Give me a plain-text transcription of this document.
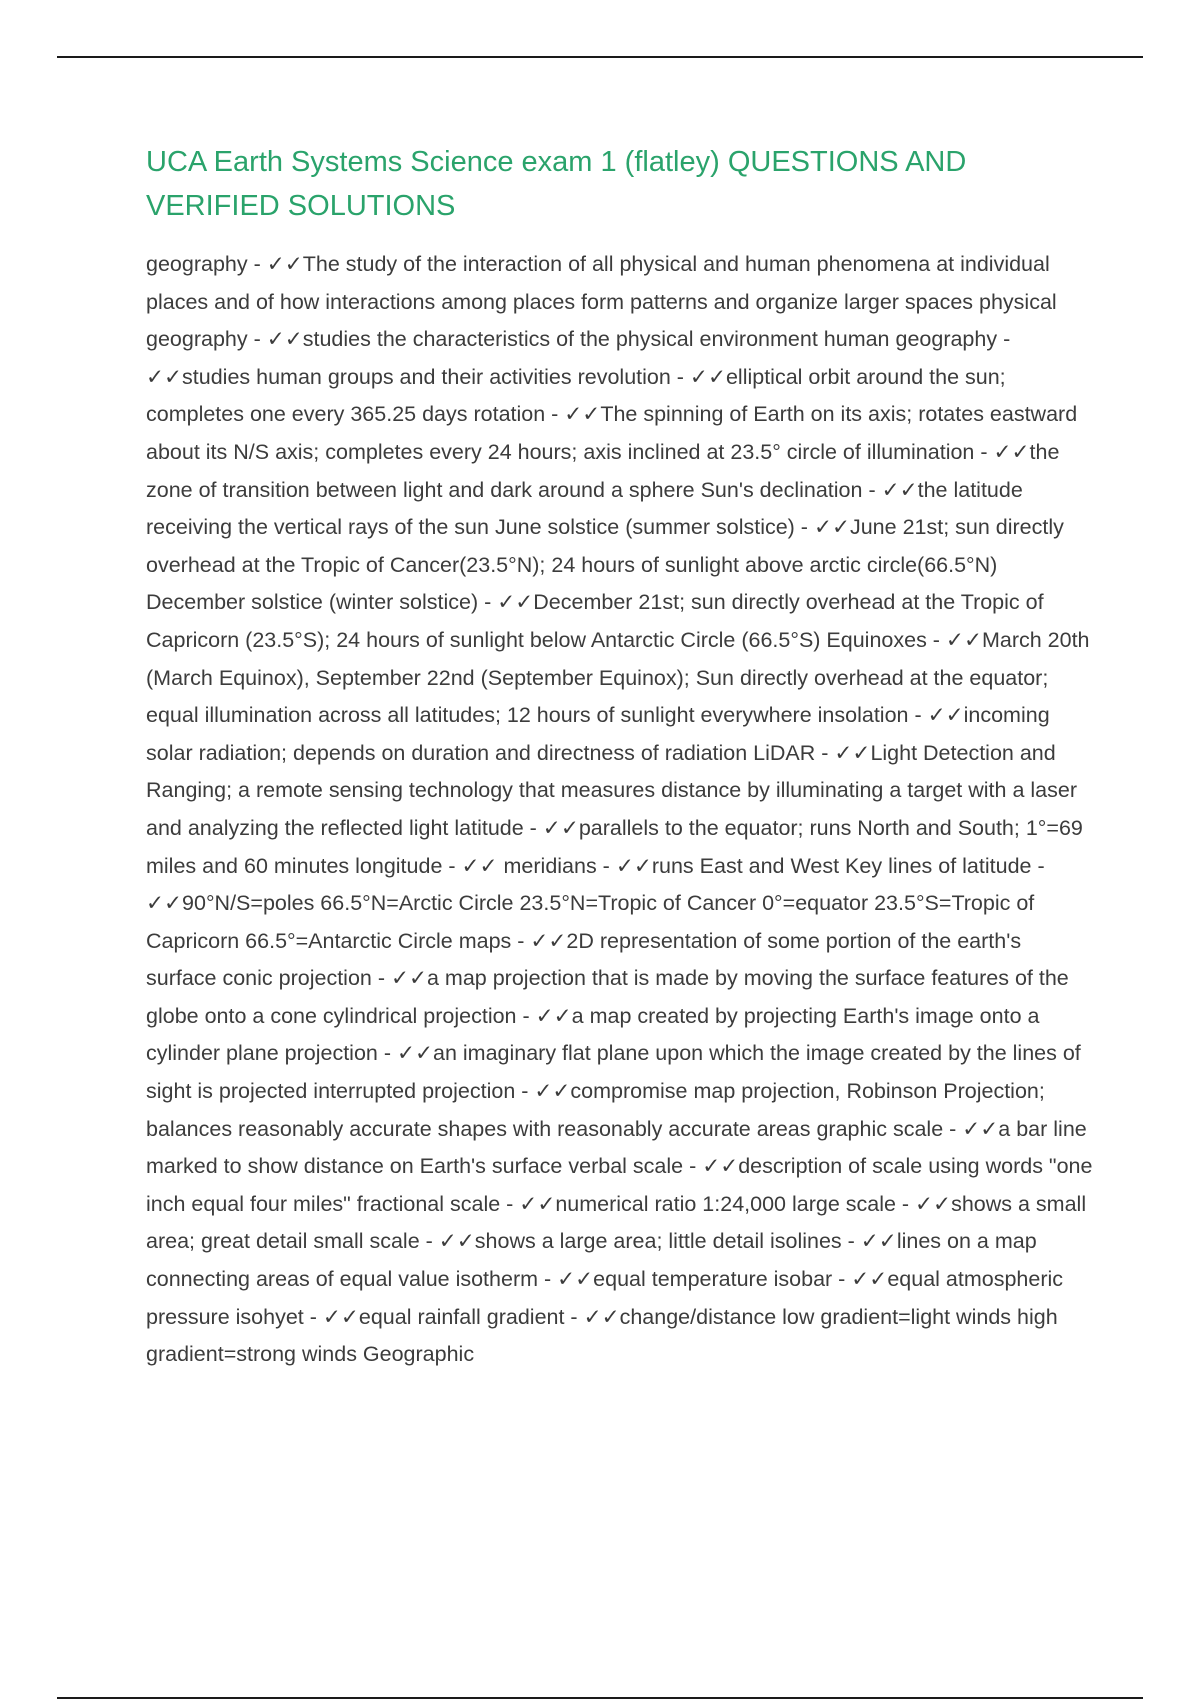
UCA Earth Systems Science exam 1 (flatley) QUESTIONS AND VERIFIED SOLUTIONS

geography - ✓✓The study of the interaction of all physical and human phenomena at individual places and of how interactions among places form patterns and organize larger spaces physical geography - ✓✓studies the characteristics of the physical environment human geography - ✓✓studies human groups and their activities revolution - ✓✓elliptical orbit around the sun; completes one every 365.25 days rotation - ✓✓The spinning of Earth on its axis; rotates eastward about its N/S axis; completes every 24 hours; axis inclined at 23.5° circle of illumination - ✓✓the zone of transition between light and dark around a sphere Sun's declination - ✓✓the latitude receiving the vertical rays of the sun June solstice (summer solstice) - ✓✓June 21st; sun directly overhead at the Tropic of Cancer(23.5°N); 24 hours of sunlight above arctic circle(66.5°N) December solstice (winter solstice) - ✓✓December 21st; sun directly overhead at the Tropic of Capricorn (23.5°S); 24 hours of sunlight below Antarctic Circle (66.5°S) Equinoxes - ✓✓March 20th (March Equinox), September 22nd (September Equinox); Sun directly overhead at the equator; equal illumination across all latitudes; 12 hours of sunlight everywhere insolation - ✓✓incoming solar radiation; depends on duration and directness of radiation LiDAR - ✓✓Light Detection and Ranging; a remote sensing technology that measures distance by illuminating a target with a laser and analyzing the reflected light latitude - ✓✓parallels to the equator; runs North and South; 1°=69 miles and 60 minutes longitude - ✓✓ meridians - ✓✓runs East and West Key lines of latitude - ✓✓90°N/S=poles 66.5°N=Arctic Circle 23.5°N=Tropic of Cancer 0°=equator 23.5°S=Tropic of Capricorn 66.5°=Antarctic Circle maps - ✓✓2D representation of some portion of the earth's surface conic projection - ✓✓a map projection that is made by moving the surface features of the globe onto a cone cylindrical projection - ✓✓a map created by projecting Earth's image onto a cylinder plane projection - ✓✓an imaginary flat plane upon which the image created by the lines of sight is projected interrupted projection - ✓✓compromise map projection, Robinson Projection; balances reasonably accurate shapes with reasonably accurate areas graphic scale - ✓✓a bar line marked to show distance on Earth's surface verbal scale - ✓✓description of scale using words "one inch equal four miles" fractional scale - ✓✓numerical ratio 1:24,000 large scale - ✓✓shows a small area; great detail small scale - ✓✓shows a large area; little detail isolines - ✓✓lines on a map connecting areas of equal value isotherm - ✓✓equal temperature isobar - ✓✓equal atmospheric pressure isohyet - ✓✓equal rainfall gradient - ✓✓change/distance low gradient=light winds high gradient=strong winds Geographic
